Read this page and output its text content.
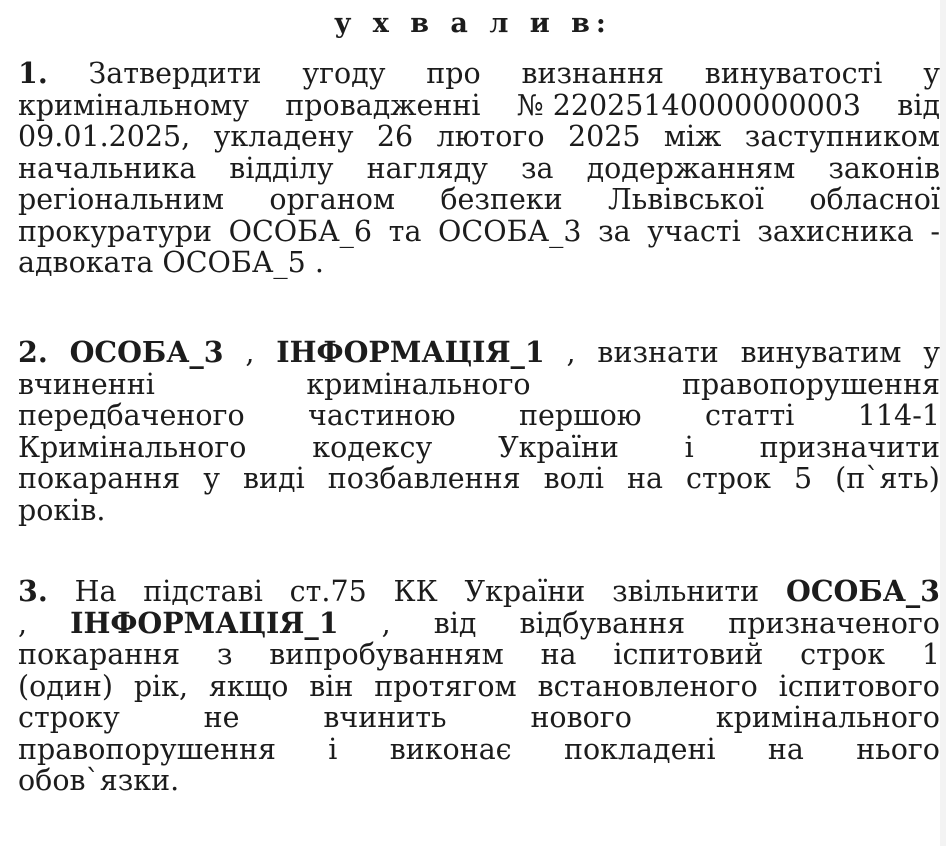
у х в а л и в:
1. Затвердити угоду про визнання винуватості у
кримінальному провадженні № 22025140000000003 від
09.01.2025, укладену 26 лютого 2025 між заступником
начальника відділу нагляду за додержанням законів
регіональним органом безпеки Львівської обласної
прокуратури ОСОБА_6 та ОСОБА_3 за участі захисника -
адвоката ОСОБА_5 .
2. ОСОБА_3 , ІНФОРМАЦІЯ_1 , визнати винуватим у
вчиненні	кримінального	правопорушення
передбаченого частиною першою статті 114-1
Кримінального кодексу України і призначити
покарання у виді позбавлення волі на строк 5 (п`ять)
років.
3. На підставі ст.75 КК України звільнити ОСОБА_3
, ІНФОРМАЦІЯ_1 , від відбування призначеного
покарання з випробуванням на іспитовий строк 1
(один) рік, якщо він протягом встановленого іспитового
строку	не	вчинить	нового	кримінального
правопорушення і виконає покладені на нього
обов`язки.
